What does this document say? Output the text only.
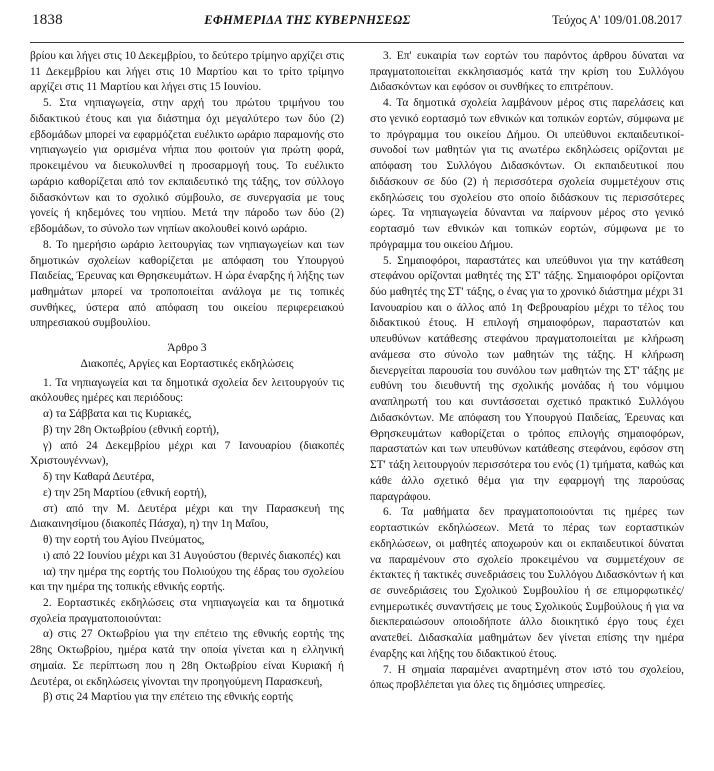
1838	ΕΦΗΜΕΡΙΔΑ ΤΗΣ ΚΥΒΕΡΝΗΣΕΩΣ	Τεύχος Α' 109/01.08.2017

βρίου και λήγει στις 10 Δεκεμβρίου, το δεύτερο τρίμηνο αρχίζει στις 11 Δεκεμβρίου και λήγει στις 10 Μαρτίου και το τρίτο τρίμηνο αρχίζει στις 11 Μαρτίου και λήγει στις 15 Ιουνίου.

5. Στα νηπιαγωγεία, στην αρχή του πρώτου τριμήνου του διδακτικού έτους και για διάστημα όχι μεγαλύτερο των δύο (2) εβδομάδων μπορεί να εφαρμόζεται ευέλικτο ωράριο παραμονής στο νηπιαγωγείο για ορισμένα νήπια που φοιτούν για πρώτη φορά, προκειμένου να διευκολυνθεί η προσαρμογή τους. Το ευέλικτο ωράριο καθορίζεται από τον εκπαιδευτικό της τάξης, τον σύλλογο διδασκόντων και το σχολικό σύμβουλο, σε συνεργασία με τους γονείς ή κηδεμόνες του νηπίου. Μετά την πάροδο των δύο (2) εβδομάδων, το σύνολο των νηπίων ακολουθεί κοινό ωράριο.

8. Το ημερήσιο ωράριο λειτουργίας των νηπιαγωγείων και των δημοτικών σχολείων καθορίζεται με απόφαση του Υπουργού Παιδείας, Έρευνας και Θρησκευμάτων. Η ώρα έναρξης ή λήξης των μαθημάτων μπορεί να τροποποιείται ανάλογα με τις τοπικές συνθήκες, ύστερα από απόφαση του οικείου περιφερειακού υπηρεσιακού συμβουλίου.

Άρθρο 3

Διακοπές, Αργίες και Εορταστικές εκδηλώσεις

1. Τα νηπιαγωγεία και τα δημοτικά σχολεία δεν λειτουργούν τις ακόλουθες ημέρες και περιόδους:

α) τα Σάββατα και τις Κυριακές,

β) την 28η Οκτωβρίου (εθνική εορτή),

γ) από 24 Δεκεμβρίου μέχρι και 7 Ιανουαρίου (διακοπές Χριστουγέννων),

δ) την Καθαρά Δευτέρα,

ε) την 25η Μαρτίου (εθνική εορτή),

στ) από την Μ. Δευτέρα μέχρι και την Παρασκευή της Διακαινησίμου (διακοπές Πάσχα), η) την 1η Μαΐου,

θ) την εορτή του Αγίου Πνεύματος,

ι) από 22 Ιουνίου μέχρι και 31 Αυγούστου (θερινές διακοπές) και

ια) την ημέρα της εορτής του Πολιούχου της έδρας του σχολείου και την ημέρα της τοπικής εθνικής εορτής.

2. Εορταστικές εκδηλώσεις στα νηπιαγωγεία και τα δημοτικά σχολεία πραγματοποιούνται:

α) στις 27 Οκτωβρίου για την επέτειο της εθνικής εορτής της 28ης Οκτωβρίου, ημέρα κατά την οποία γίνεται και η ελληνική σημαία. Σε περίπτωση που η 28η Οκτωβρίου είναι Κυριακή ή Δευτέρα, οι εκδηλώσεις γίνονται την προηγούμενη Παρασκευή,

β) στις 24 Μαρτίου για την επέτειο της εθνικής εορτής

3. Επ' ευκαιρία των εορτών του παρόντος άρθρου δύναται να πραγματοποιείται εκκλησιασμός κατά την κρίση του Συλλόγου Διδασκόντων και εφόσον οι συνθήκες το επιτρέπουν.

4. Τα δημοτικά σχολεία λαμβάνουν μέρος στις παρελάσεις και στο γενικό εορτασμό των εθνικών και τοπικών εορτών, σύμφωνα με το πρόγραμμα του οικείου Δήμου. Οι υπεύθυνοι εκπαιδευτικοί- συνοδοί των μαθητών για τις ανωτέρω εκδηλώσεις ορίζονται με απόφαση του Συλλόγου Διδασκόντων. Οι εκπαιδευτικοί που διδάσκουν σε δύο (2) ή περισσότερα σχολεία συμμετέχουν στις εκδηλώσεις του σχολείου στο οποίο διδάσκουν τις περισσότερες ώρες. Τα νηπιαγωγεία δύνανται να παίρνουν μέρος στο γενικό εορτασμό των εθνικών και τοπικών εορτών, σύμφωνα με το πρόγραμμα του οικείου Δήμου.

5. Σημαιοφόροι, παραστάτες και υπεύθυνοι για την κατάθεση στεφάνου ορίζονται μαθητές της ΣΤ' τάξης. Σημαιοφόροι ορίζονται δύο μαθητές της ΣΤ' τάξης, ο ένας για το χρονικό διάστημα μέχρι 31 Ιανουαρίου και ο άλλος από 1η Φεβρουαρίου μέχρι το τέλος του διδακτικού έτους. Η επιλογή σημαιοφόρων, παραστατών και υπευθύνων κατάθεσης στεφάνου πραγματοποιείται με κλήρωση ανάμεσα στο σύνολο των μαθητών της τάξης. Η κλήρωση διενεργείται παρουσία του συνόλου των μαθητών της ΣΤ' τάξης με ευθύνη του διευθυντή της σχολικής μονάδας ή του νόμιμου αναπληρωτή του και συντάσσεται σχετικό πρακτικό Συλλόγου Διδασκόντων. Με απόφαση του Υπουργού Παιδείας, Έρευνας και Θρησκευμάτων καθορίζεται ο τρόπος επιλογής σημαιοφόρων, παραστατών και των υπευθύνων κατάθεσης στεφάνου, εφόσον στη ΣΤ' τάξη λειτουργούν περισσότερα του ενός (1) τμήματα, καθώς και κάθε άλλο σχετικό θέμα για την εφαρμογή της παρούσας παραγράφου.

6. Τα μαθήματα δεν πραγματοποιούνται τις ημέρες των εορταστικών εκδηλώσεων. Μετά το πέρας των εορταστικών εκδηλώσεων, οι μαθητές αποχωρούν και οι εκπαιδευτικοί δύναται να παραμένουν στο σχολείο προκειμένου να συμμετέχουν σε έκτακτες ή τακτικές συνεδριάσεις του Συλλόγου Διδασκόντων ή και σε συνεδριάσεις του Σχολικού Συμβουλίου ή σε επιμορφωτικές/ενημερωτικές συναντήσεις με τους Σχολικούς Συμβούλους ή για να διεκπεραιώσουν οποιοδήποτε άλλο διοικητικό έργο τους έχει ανατεθεί. Διδασκαλία μαθημάτων δεν γίνεται επίσης την ημέρα έναρξης και λήξης του διδακτικού έτους.

7. Η σημαία παραμένει αναρτημένη στον ιστό του σχολείου, όπως προβλέπεται για όλες τις δημόσιες υπηρεσίες.
